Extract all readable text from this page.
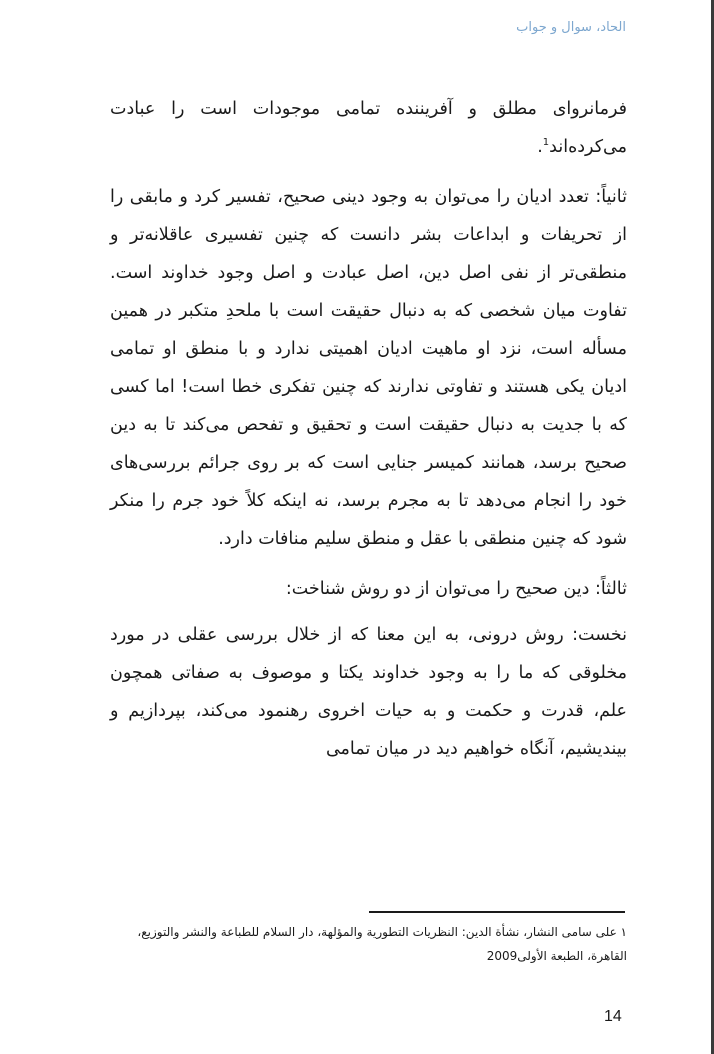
الحاد، سوال و جواب

فرمانروای مطلق و آفریننده تمامی موجودات است را عبادت می‌کرده‌اند$^1$.

ثانیاً: تعدد ادیان را می‌توان به وجود دینی صحیح، تفسیر کرد و مابقی را از تحریفات و ابداعات بشر دانست که چنین تفسیری عاقلانه‌تر و منطقی‌تر از نفی اصل دین، اصل عبادت و اصل وجود خداوند است. تفاوت میان شخصی که به دنبال حقیقت است با ملحدِ متکبر در همین مسأله است، نزد او ماهیت ادیان اهمیتی ندارد و با منطق او تمامی ادیان یکی هستند و تفاوتی ندارند که چنین تفکری خطا است! اما کسی که با جدیت به دنبال حقیقت است و تحقیق و تفحص می‌کند تا به دین صحیح برسد، همانند کمیسر جنایی است که بر روی جرائم بررسی‌های خود را انجام می‌دهد تا به مجرم برسد، نه اینکه کلاً خود جرم را منکر شود که چنین منطقی با عقل و منطق سلیم منافات دارد.

ثالثاً: دین صحیح را می‌توان از دو روش شناخت:

نخست: روش درونی، به این معنا که از خلال بررسی عقلی در مورد مخلوقی که ما را به وجود خداوند یکتا و موصوف به صفاتی همچون علم، قدرت و حکمت و به حیات اخروی رهنمود می‌کند، بپردازیم و بیندیشیم، آنگاه خواهیم دید در میان تمامی

١ علی سامی النشار، نشأة الدین: النظریات التطوریة والمؤلهة، دار السلام للطباعة والنشر والتوزیع، القاهرة، الطبعة الأولی2009
14
